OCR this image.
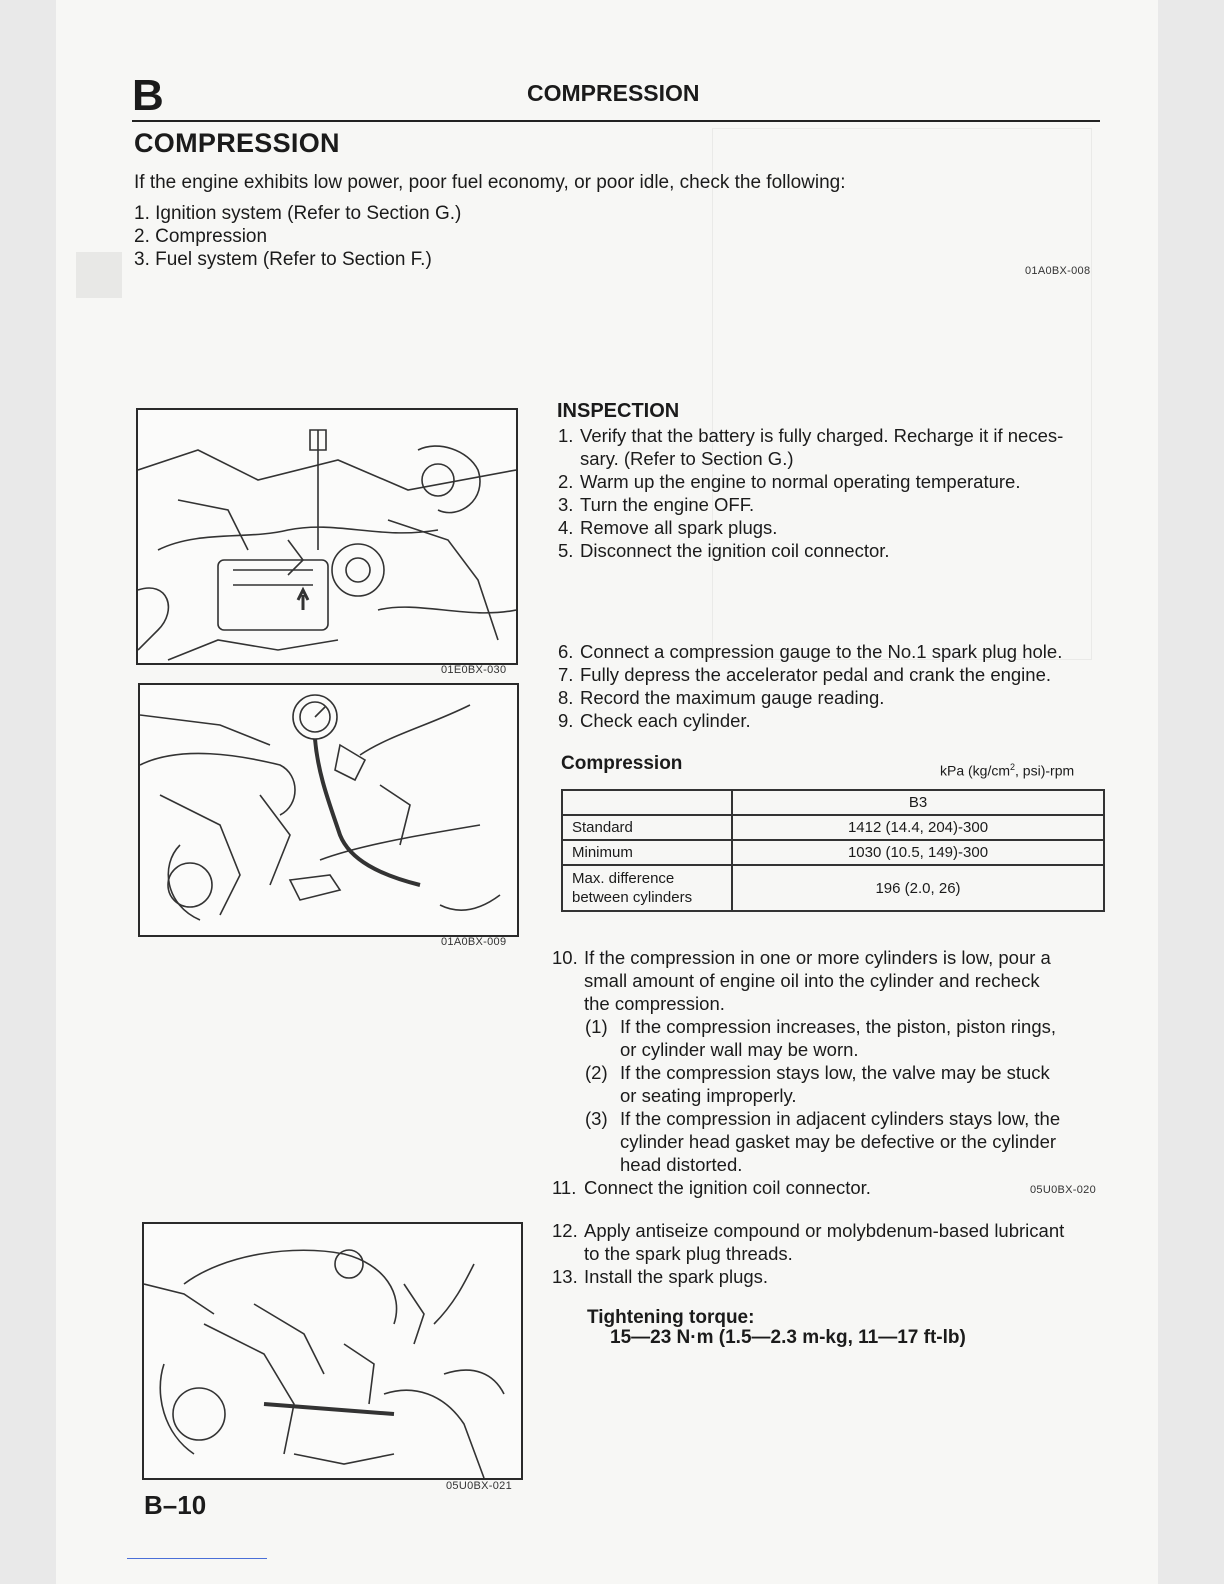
B	COMPRESSION
COMPRESSION
If the engine exhibits low power, poor fuel economy, or poor idle, check the following:
1. Ignition system (Refer to Section G.)
2. Compression
3. Fuel system (Refer to Section F.)
01A0BX-008
01E0BX-030
01A0BX-009
05U0BX-021
INSPECTION
1. Verify that the battery is fully charged. Recharge it if neces-
sary. (Refer to Section G.)
2. Warm up the engine to normal operating temperature.
3. Turn the engine OFF.
4. Remove all spark plugs.
5. Disconnect the ignition coil connector.
6. Connect a compression gauge to the No.1 spark plug hole.
7. Fully depress the accelerator pedal and crank the engine.
8. Record the maximum gauge reading.
9. Check each cylinder.
Compression	kPa ($kg/cm^2$, psi)-rpm
	B3
Standard	1412 (14.4, 204)-300
Minimum	1030 (10.5, 149)-300

Max. difference
between cylinders	196 (2.0, 26)
10. If the compression in one or more cylinders is low, pour a
small amount of engine oil into the cylinder and recheck
the compression.
(1) If the compression increases, the piston, piston rings,
or cylinder wall may be worn.
(2) If the compression stays low, the valve may be stuck
or seating improperly.
(3) If the compression in adjacent cylinders stays low, the
cylinder head gasket may be defective or the cylinder
head distorted.
11. Connect the ignition coil connector.	05U0BX-020
12. Apply antiseize compound or molybdenum-based lubricant
to the spark plug threads.
13. Install the spark plugs.
Tightening torque:
15—23 N·m (1.5—2.3 m-kg, 11—17 ft-lb)
B–10
